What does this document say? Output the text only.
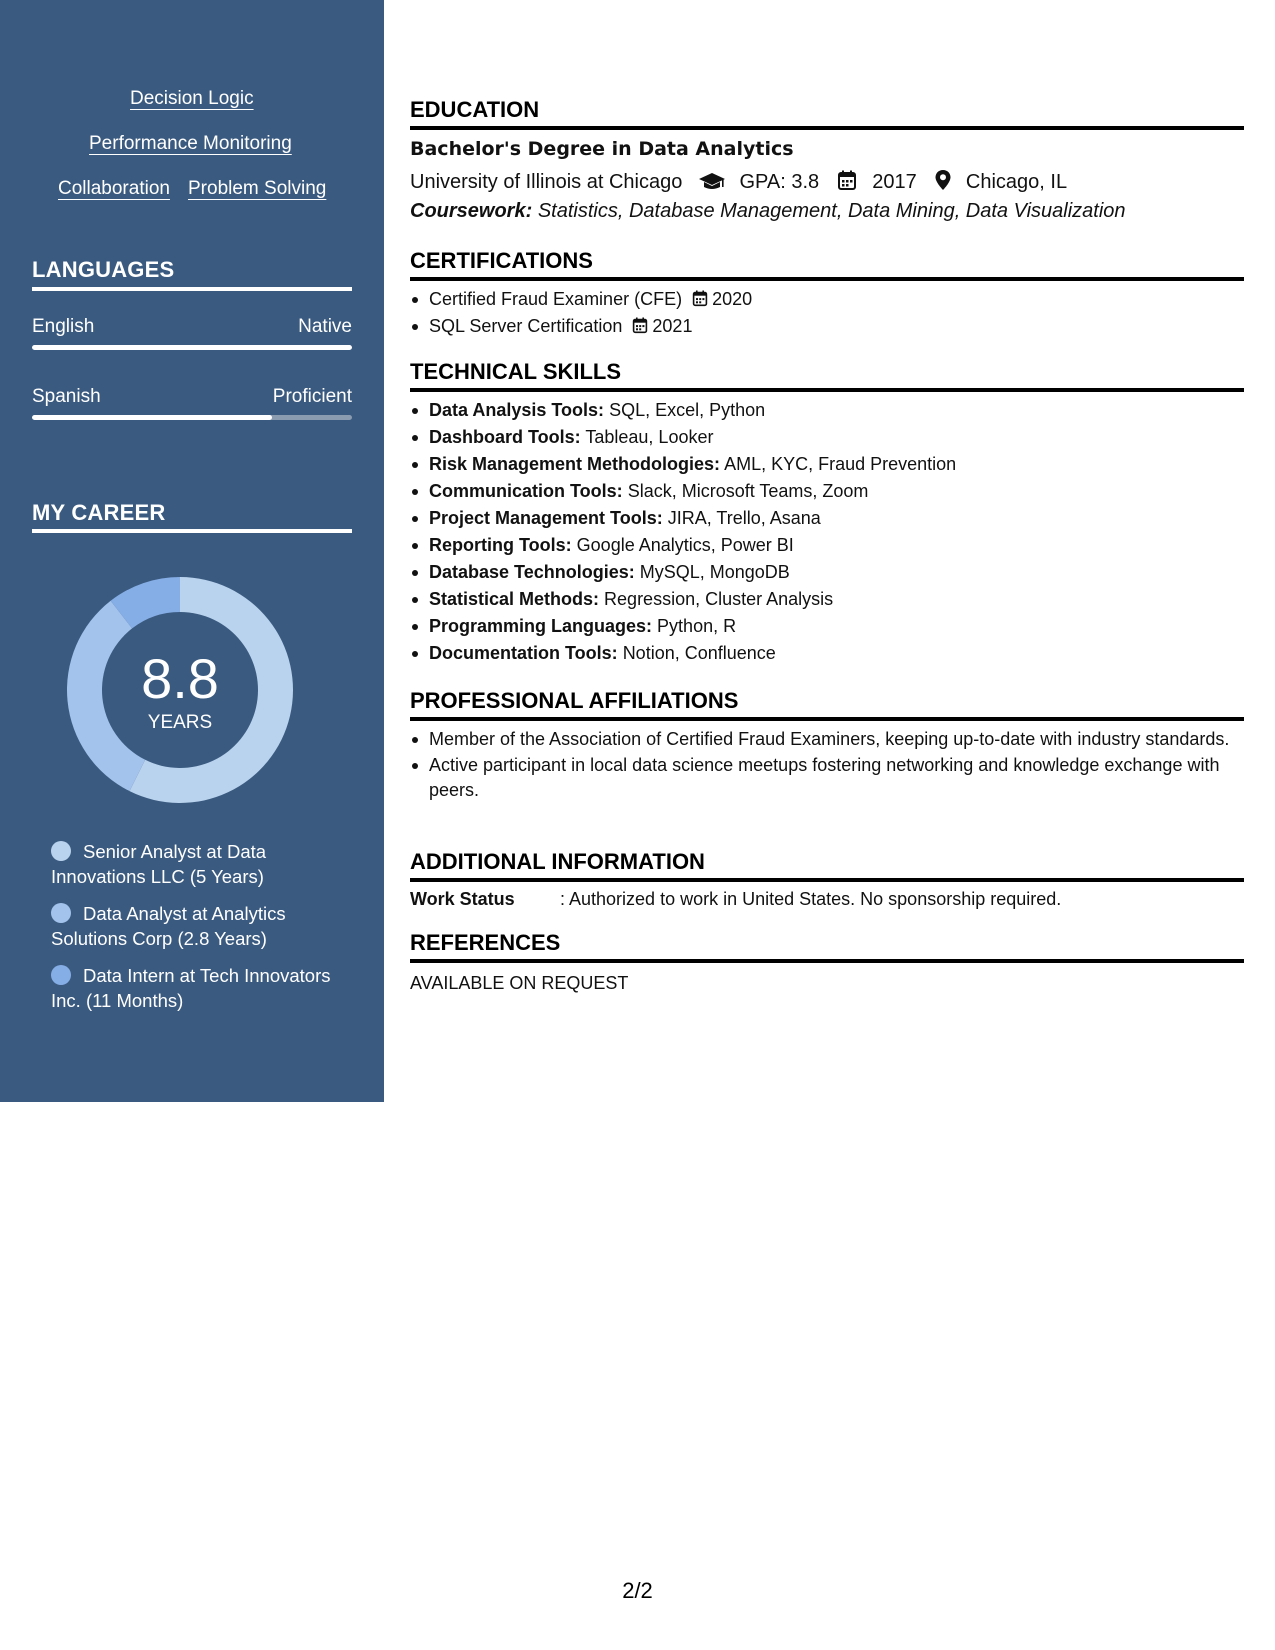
Decision Logic
Performance Monitoring
Collaboration Problem Solving
LANGUAGES
English	Native
Spanish	Proficient
MY CAREER
8.8
YEARS
Senior Analyst at Data Innovations LLC (5 Years)
Data Analyst at Analytics Solutions Corp (2.8 Years)
Data Intern at Tech Innovators Inc. (11 Months)
EDUCATION
Bachelor's Degree in Data Analytics
University of Illinois at Chicago	GPA: 3.8	2017 Chicago, IL
Coursework: Statistics, Database Management, Data Mining, Data Visualization
CERTIFICATIONS
Certified Fraud Examiner (CFE) 2020
SQL Server Certification 2021
TECHNICAL SKILLS
Data Analysis Tools: SQL, Excel, Python
Dashboard Tools: Tableau, Looker
Risk Management Methodologies: AML, KYC, Fraud Prevention
Communication Tools: Slack, Microsoft Teams, Zoom
Project Management Tools: JIRA, Trello, Asana
Reporting Tools: Google Analytics, Power BI
Database Technologies: MySQL, MongoDB
Statistical Methods: Regression, Cluster Analysis
Programming Languages: Python, R
Documentation Tools: Notion, Confluence
PROFESSIONAL AFFILIATIONS
Member of the Association of Certified Fraud Examiners, keeping up-to-date with industry standards.
Active participant in local data science meetups fostering networking and knowledge exchange with peers.
ADDITIONAL INFORMATION
Work Status	: Authorized to work in United States. No sponsorship required.
REFERENCES
AVAILABLE ON REQUEST
2/2
